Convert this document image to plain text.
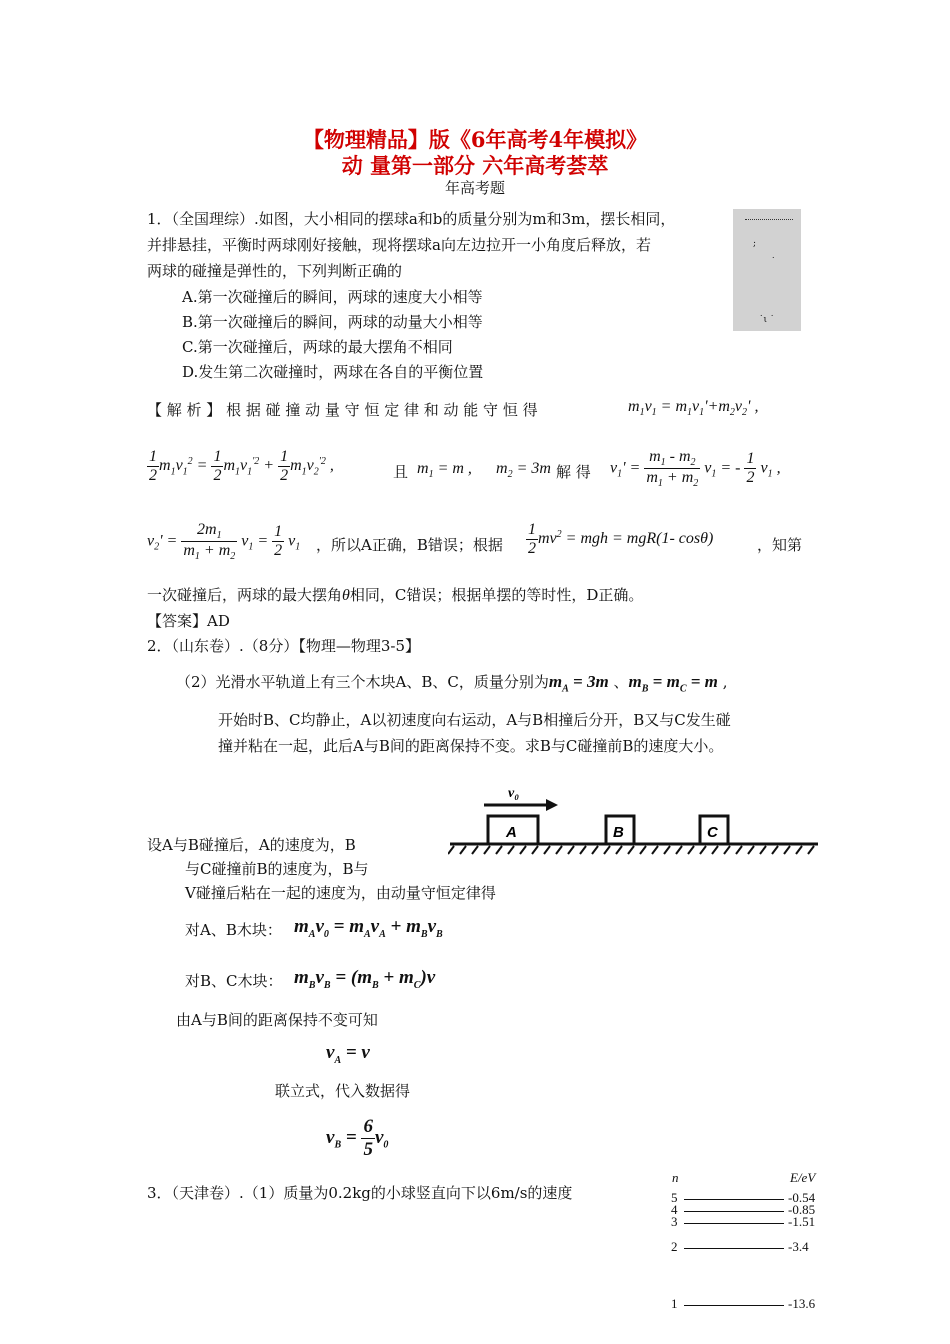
【物理精品】版《6年高考4年模拟》
动 量第一部分 六年高考荟萃
年高考题
1．（全国理综）.如图，大小相同的摆球a和b的质量分别为m和3m，摆长相同，
并排悬挂，平衡时两球刚好接触，现将摆球a向左边拉开一小角度后释放，若
两球的碰撞是弹性的，下列判断正确的
;
˙
˙ι ˙
A.第一次碰撞后的瞬间，两球的速度大小相等
B.第一次碰撞后的瞬间，两球的动量大小相等
C.第一次碰撞后，两球的最大摆角不相同
D.发生第二次碰撞时，两球在各自的平衡位置
【 解 析 】 根 据 碰 撞 动 量 守 恒 定 律 和 动 能 守 恒 得	$m_1v_1 = m_1v_1'+m_2v_2'$ ,
$\frac{1}{2} m_1v_1^2 = \frac{1}{2} m_1v_1^{'2} + \frac{1}{2} m_1v_2^{'2}$ ,	且 $m_1 = m$ , $m_2 = 3m$ 解 得 $v_1' = \frac{m_1 - m_2}{m_1 + m_2} v_1$ = - $\frac{1}{2} v_1$ ,
$v_2' = \frac{2m_1}{m_1 + m_2} v_1 = \frac{1}{2} v_1$ ，所以A正确，B错误；根据 $\frac{1}{2} mv^2$ = mgh = mgR(1- cosθ)	，知第
一次碰撞后，两球的最大摆角θ相同，C错误；根据单摆的等时性，D正确。
【答案】AD
2．（山东卷）.（8分）【物理—物理3-5】
（2）光滑水平轨道上有三个木块A、B、C，质量分别为$m_A = 3m$ 、$m_B = m_C = m$ ,
开始时B、C均静止，A以初速度向右运动，A与B相撞后分开，B又与C发生碰
撞并粘在一起，此后A与B间的距离保持不变。求B与C碰撞前B的速度大小。
A	B	C
v₀
设A与B碰撞后，A的速度为，B
与C碰撞前B的速度为，B与
V碰撞后粘在一起的速度为，由动量守恒定律得
对A、B木块： $m_Av_0 = m_Av_A + m_Bv_B$
对B、C木块： $m_Bv_B = (m_B + m_C)v$
由A与B间的距离保持不变可知
$v_A = v$
联立式，代入数据得
$v_B = \frac{6}{5} v_0$
3．（天津卷）.（1）质量为0.2kg的小球竖直向下以6m/s的速度
n	E/eV
5	-0.54
4	-0.85
3	-1.51
2	-3.4
1	-13.6
